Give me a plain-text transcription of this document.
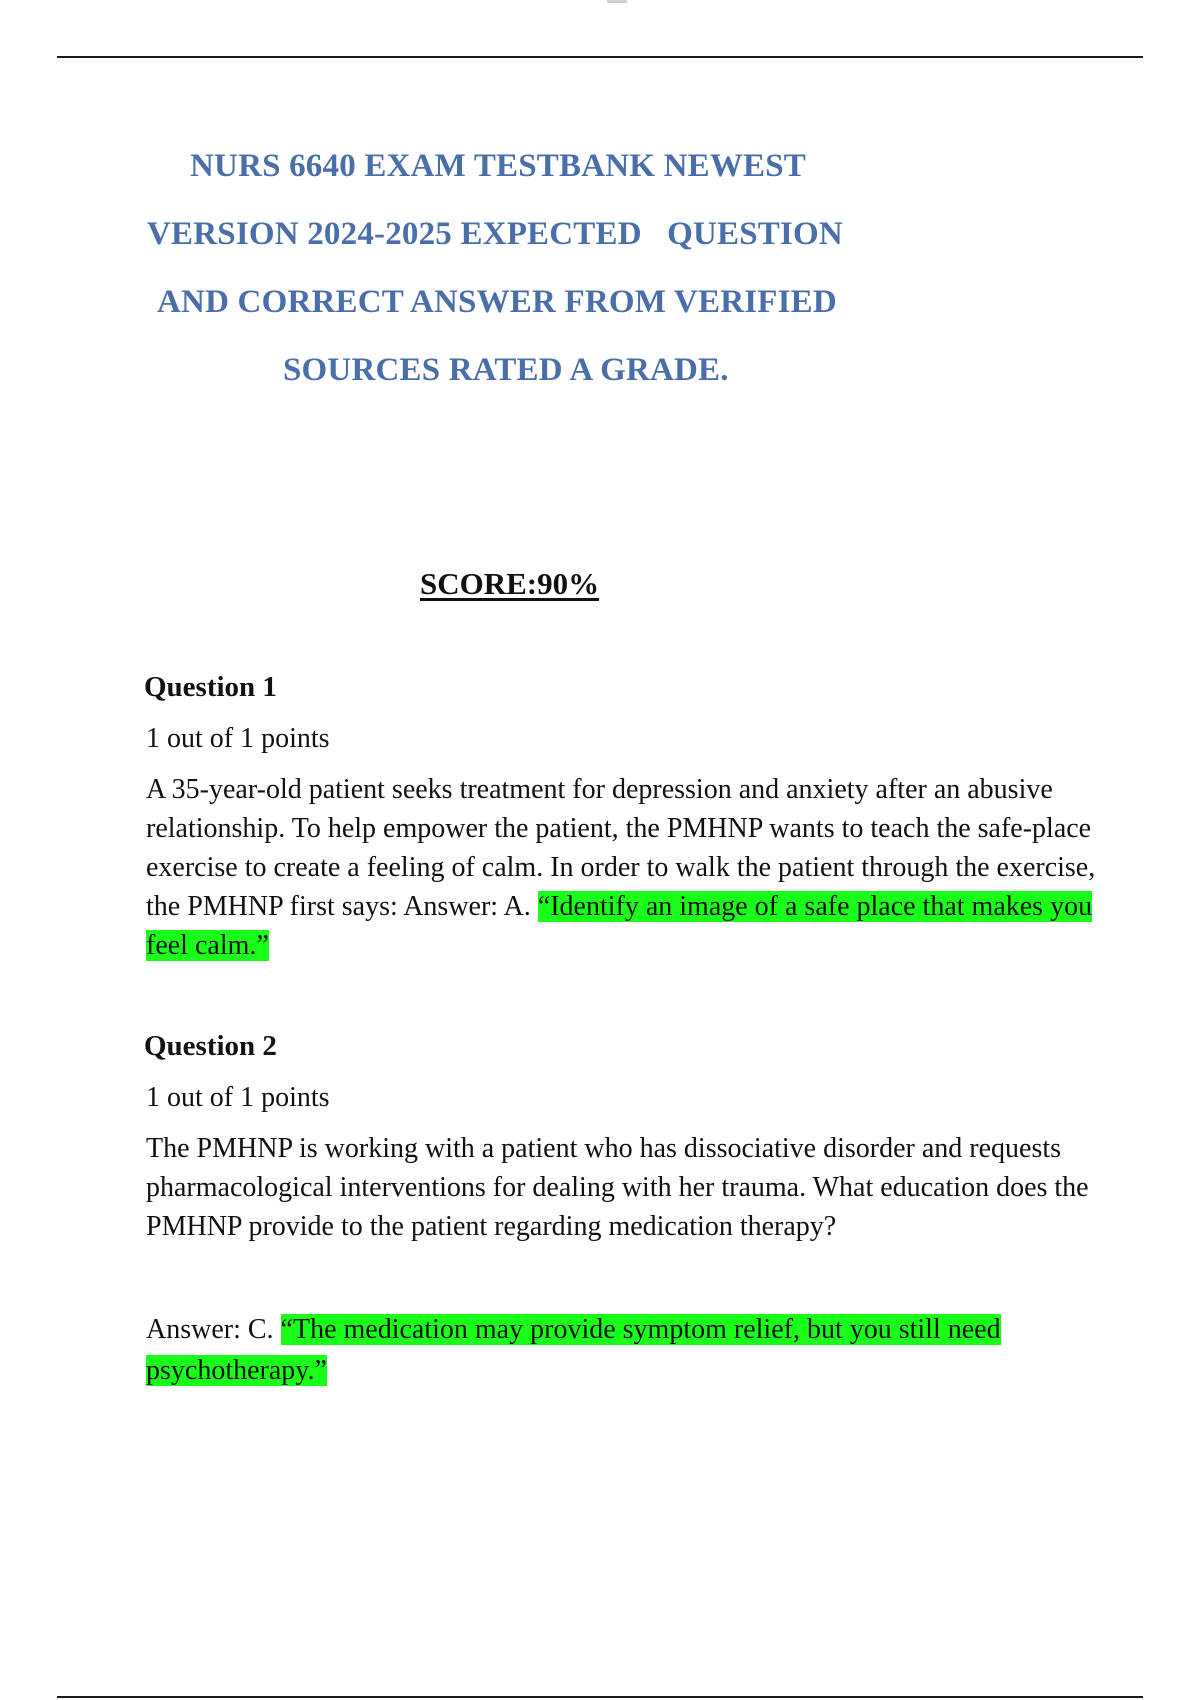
NURS 6640 EXAM TESTBANK NEWEST
VERSION 2024-2025 EXPECTED   QUESTION
AND CORRECT ANSWER FROM VERIFIED
SOURCES RATED A GRADE.
SCORE:90%
Question 1
1 out of 1 points

A 35-year-old patient seeks treatment for depression and anxiety after an abusive relationship. To help empower the patient, the PMHNP wants to teach the safe-place exercise to create a feeling of calm. In order to walk the patient through the exercise, the PMHNP first says: Answer: A. “Identify an image of a safe place that makes you feel calm.”

Question 2
1 out of 1 points

The PMHNP is working with a patient who has dissociative disorder and requests pharmacological interventions for dealing with her trauma. What education does the PMHNP provide to the patient regarding medication therapy?

Answer: C. “The medication may provide symptom relief, but you still need psychotherapy.”
